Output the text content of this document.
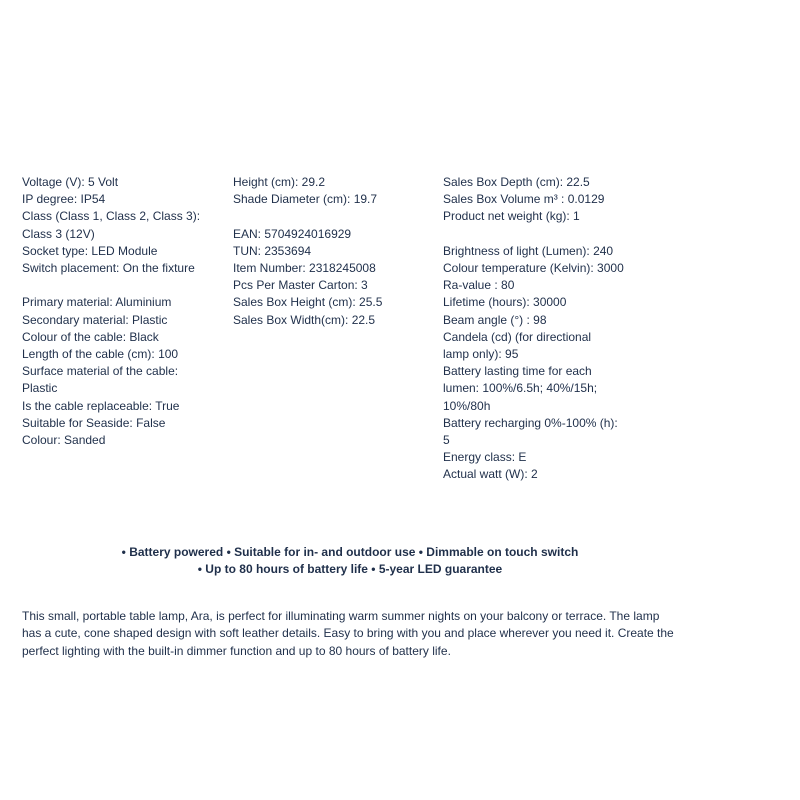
Voltage (V): 5 Volt
IP degree: IP54
Class (Class 1, Class 2, Class 3):
Class 3 (12V)
Socket type: LED Module
Switch placement: On the fixture
Primary material: Aluminium
Secondary material: Plastic
Colour of the cable: Black
Length of the cable (cm): 100
Surface material of the cable:
Plastic
Is the cable replaceable: True
Suitable for Seaside: False
Colour: Sanded
Height (cm): 29.2
Shade Diameter (cm): 19.7
EAN: 5704924016929
TUN: 2353694
Item Number: 2318245008
Pcs Per Master Carton: 3
Sales Box Height (cm): 25.5
Sales Box Width(cm): 22.5
Sales Box Depth (cm): 22.5
Sales Box Volume m³ : 0.0129
Product net weight (kg): 1
Brightness of light (Lumen): 240
Colour temperature (Kelvin): 3000
Ra-value : 80
Lifetime (hours): 30000
Beam angle (°) : 98
Candela (cd) (for directional
lamp only): 95
Battery lasting time for each
lumen: 100%/6.5h; 40%/15h;
10%/80h
Battery recharging 0%-100% (h):
5
Energy class: E
Actual watt (W): 2
• Battery powered • Suitable for in- and outdoor use • Dimmable on touch switch
• Up to 80 hours of battery life • 5-year LED guarantee
This small, portable table lamp, Ara, is perfect for illuminating warm summer nights on your balcony or terrace. The lamp has a cute, cone shaped design with soft leather details. Easy to bring with you and place wherever you need it. Create the perfect lighting with the built-in dimmer function and up to 80 hours of battery life.
